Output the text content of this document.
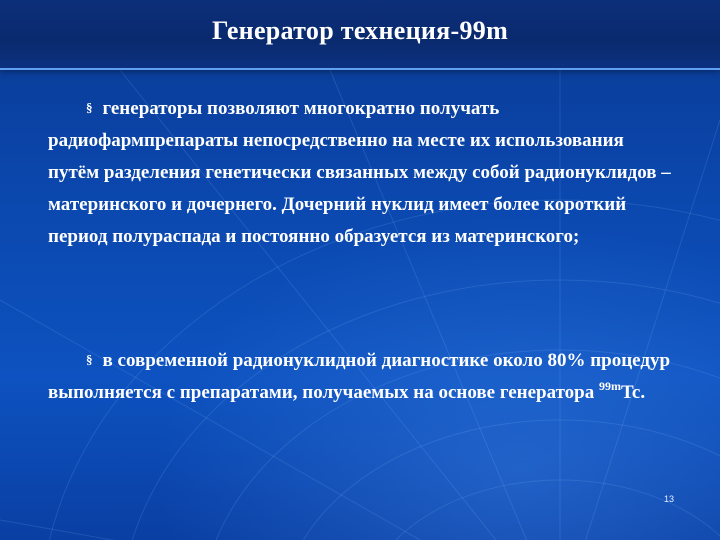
Генератор технеция-99m
§ генераторы позволяют многократно получать радиофармпрепараты непосредственно на месте их использования путём разделения генетически связанных между собой радионуклидов – материнского и дочернего. Дочерний нуклид имеет более короткий период полураспада и постоянно образуется из материнского;
§ в современной радионуклидной диагностике около 80% процедур выполняется с препаратами, получаемых на основе генератора $^{99m}$Tc.
13
